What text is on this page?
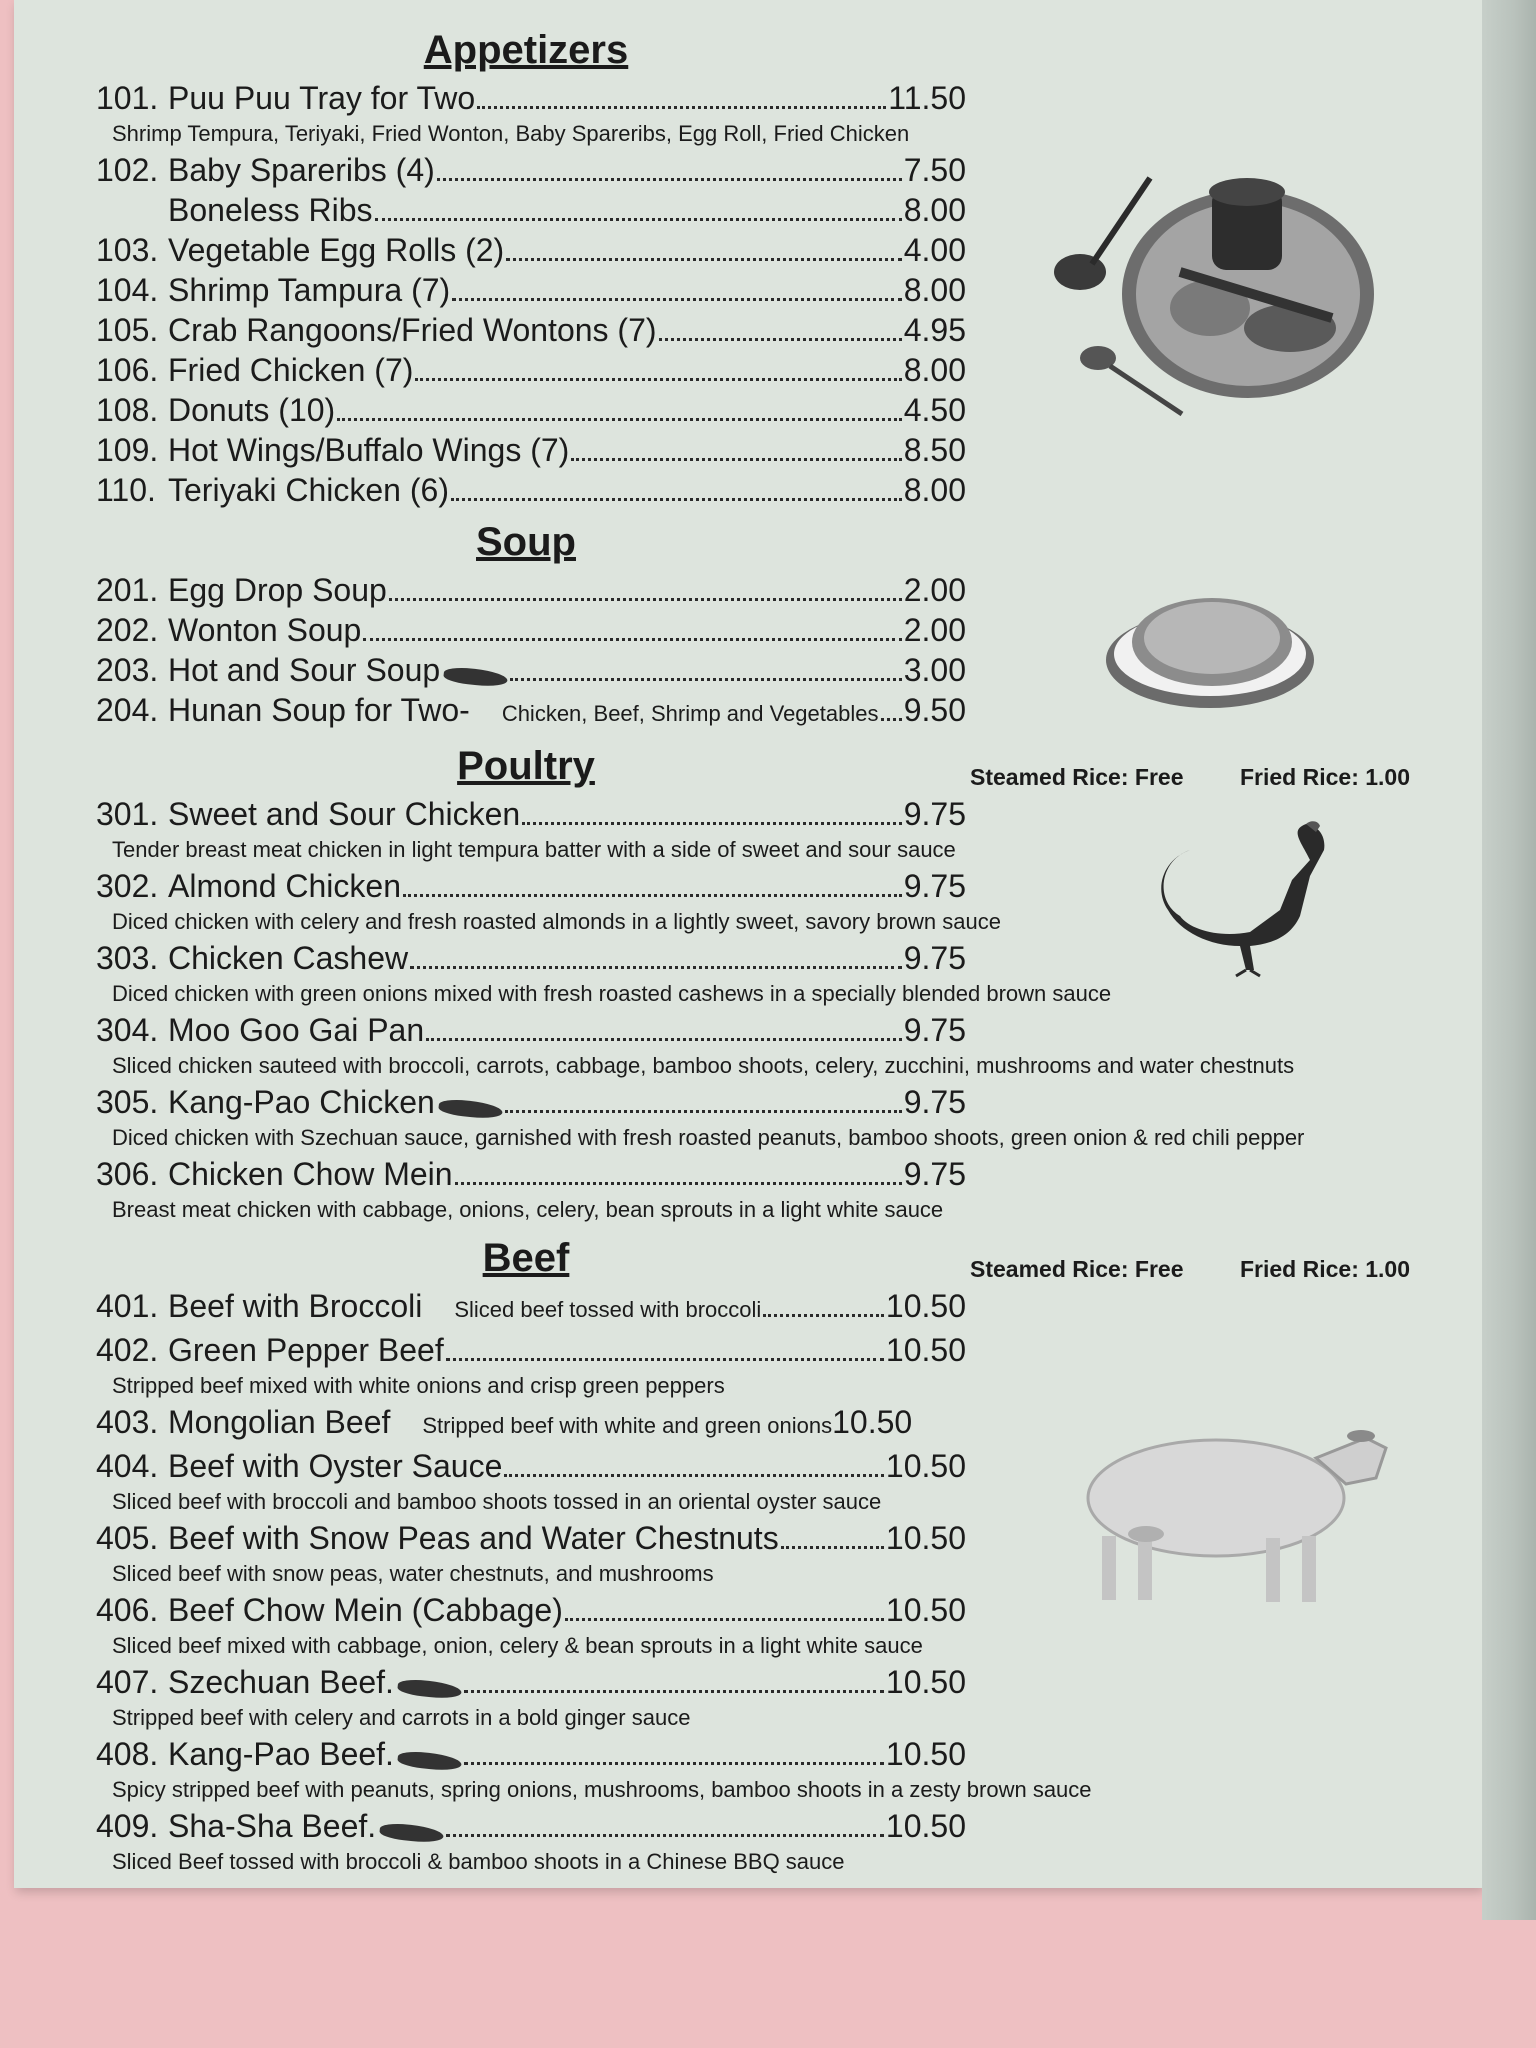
Appetizers
101. Puu Puu Tray for Two	11.50
Shrimp Tempura, Teriyaki, Fried Wonton, Baby Spareribs, Egg Roll, Fried Chicken
102. Baby Spareribs (4)	7.50
Boneless Ribs	8.00
103. Vegetable Egg Rolls (2)	4.00
104. Shrimp Tampura (7)	8.00
105. Crab Rangoons/Fried Wontons (7)	4.95
106. Fried Chicken (7)	8.00
108. Donuts (10)	4.50
109. Hot Wings/Buffalo Wings (7)	8.50
110. Teriyaki Chicken (6)	8.00
Soup
201. Egg Drop Soup	2.00
202. Wonton Soup	2.00
203. Hot and Sour Soup	3.00
204. Hunan Soup for Two- Chicken, Beef, Shrimp and Vegetables 9.50
Poultry	Steamed Rice: Free Fried Rice: 1.00
301. Sweet and Sour Chicken	9.75
Tender breast meat chicken in light tempura batter with a side of sweet and sour sauce
302. Almond Chicken	9.75
Diced chicken with celery and fresh roasted almonds in a lightly sweet, savory brown sauce
303. Chicken Cashew	9.75
Diced chicken with green onions mixed with fresh roasted cashews in a specially blended brown sauce
304. Moo Goo Gai Pan	9.75
Sliced chicken sauteed with broccoli, carrots, cabbage, bamboo shoots, celery, zucchini, mushrooms and water chestnuts
305. Kang-Pao Chicken	9.75
Diced chicken with Szechuan sauce, garnished with fresh roasted peanuts, bamboo shoots, green onion & red chili pepper
306. Chicken Chow Mein	9.75
Breast meat chicken with cabbage, onions, celery, bean sprouts in a light white sauce
Beef	Steamed Rice: Free Fried Rice: 1.00
401. Beef with Broccoli Sliced beef tossed with broccoli	10.50
402. Green Pepper Beef	10.50
Stripped beef mixed with white onions and crisp green peppers
403. Mongolian Beef Stripped beef with white and green onions 10.50
404. Beef with Oyster Sauce	10.50
Sliced beef with broccoli and bamboo shoots tossed in an oriental oyster sauce
405. Beef with Snow Peas and Water Chestnuts	10.50
Sliced beef with snow peas, water chestnuts, and mushrooms
406. Beef Chow Mein (Cabbage)	10.50
Sliced beef mixed with cabbage, onion, celery & bean sprouts in a light white sauce
407. Szechuan Beef.	10.50
Stripped beef with celery and carrots in a bold ginger sauce
408. Kang-Pao Beef.	10.50
Spicy stripped beef with peanuts, spring onions, mushrooms, bamboo shoots in a zesty brown sauce
409. Sha-Sha Beef.	10.50
Sliced Beef tossed with broccoli & bamboo shoots in a Chinese BBQ sauce
